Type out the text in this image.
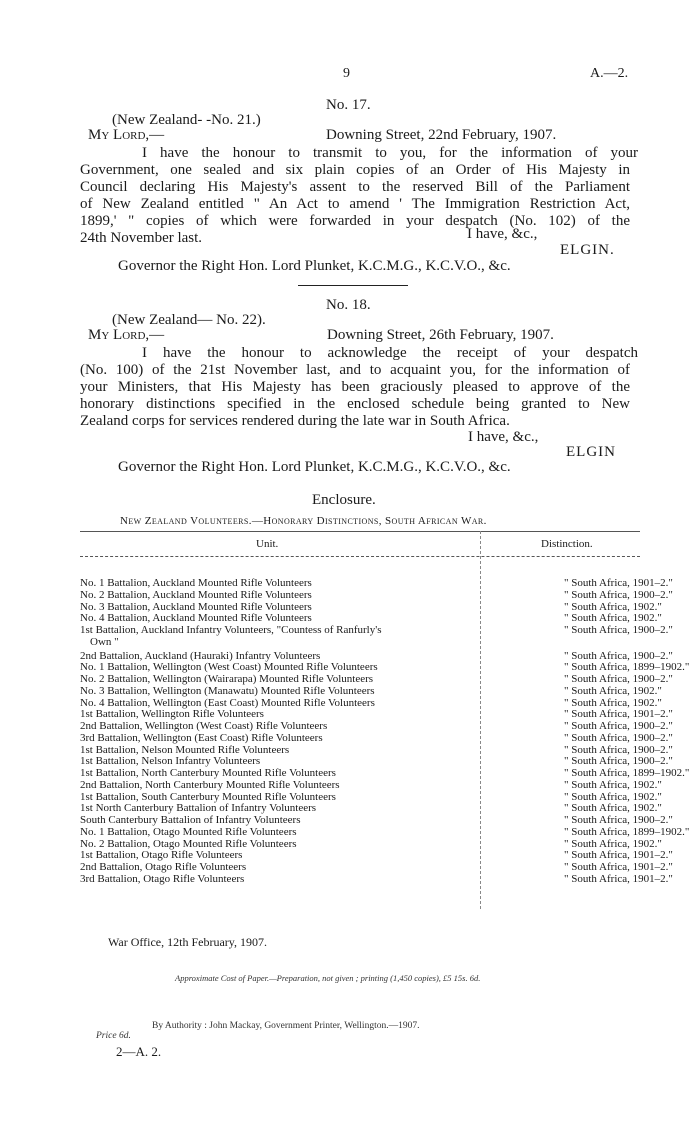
9	A.—2.
No. 17.
(New Zealand- -No. 21.)
My Lord,—	Downing Street, 22nd February, 1907.
I have the honour to transmit to you, for the information of your
Government, one sealed and six plain copies of an Order of His Majesty in
Council declaring His Majesty's assent to the reserved Bill of the Parliament
of New Zealand entitled " An Act to amend ' The Immigration Restriction Act,
1899,' " copies of which were forwarded in your despatch (No. 102) of the
24th November last.	I have, &c.,
ELGIN.
Governor the Right Hon. Lord Plunket, K.C.M.G., K.C.V.O., &c.
No. 18.
(New Zealand— No. 22).
My Lord,—	Downing Street, 26th February, 1907.
I have the honour to acknowledge the receipt of your despatch
(No. 100) of the 21st November last, and to acquaint you, for the information of
your Ministers, that His Majesty has been graciously pleased to approve of the
honorary distinctions specified in the enclosed schedule being granted to New
Zealand corps for services rendered during the late war in South Africa.
I have, &c.,
ELGIN
Governor the Right Hon. Lord Plunket, K.C.M.G., K.C.V.O., &c.
Enclosure.
New Zealand Volunteers.—Honorary Distinctions, South African War.
Unit.	Distinction.
No. 1 Battalion, Auckland Mounted Rifle Volunteers	" South Africa, 1901–2."
No. 2 Battalion, Auckland Mounted Rifle Volunteers	" South Africa, 1900–2."
No. 3 Battalion, Auckland Mounted Rifle Volunteers	" South Africa, 1902."
No. 4 Battalion, Auckland Mounted Rifle Volunteers	" South Africa, 1902."
1st Battalion, Auckland Infantry Volunteers, "Countess of Ranfurly's	" South Africa, 1900–2."
Own "
2nd Battalion, Auckland (Hauraki) Infantry Volunteers	" South Africa, 1900–2."
No. 1 Battalion, Wellington (West Coast) Mounted Rifle Volunteers	" South Africa, 1899–1902."
No. 2 Battalion, Wellington (Wairarapa) Mounted Rifle Volunteers	" South Africa, 1900–2."
No. 3 Battalion, Wellington (Manawatu) Mounted Rifle Volunteers	" South Africa, 1902."
No. 4 Battalion, Wellington (East Coast) Mounted Rifle Volunteers	" South Africa, 1902."
1st Battalion, Wellington Rifle Volunteers	" South Africa, 1901–2."
2nd Battalion, Wellington (West Coast) Rifle Volunteers	" South Africa, 1900–2."
3rd Battalion, Wellington (East Coast) Rifle Volunteers	" South Africa, 1900–2."
1st Battalion, Nelson Mounted Rifle Volunteers	" South Africa, 1900–2."
1st Battalion, Nelson Infantry Volunteers	" South Africa, 1900–2."
1st Battalion, North Canterbury Mounted Rifle Volunteers	" South Africa, 1899–1902."
2nd Battalion, North Canterbury Mounted Rifle Volunteers	" South Africa, 1902."
1st Battalion, South Canterbury Mounted Rifle Volunteers	" South Africa, 1902."
1st North Canterbury Battalion of Infantry Volunteers	" South Africa, 1902."
South Canterbury Battalion of Infantry Volunteers	" South Africa, 1900–2."
No. 1 Battalion, Otago Mounted Rifle Volunteers	" South Africa, 1899–1902."
No. 2 Battalion, Otago Mounted Rifle Volunteers	" South Africa, 1902."
1st Battalion, Otago Rifle Volunteers	" South Africa, 1901–2."
2nd Battalion, Otago Rifle Volunteers	" South Africa, 1901–2."
3rd Battalion, Otago Rifle Volunteers	" South Africa, 1901–2."
War Office, 12th February, 1907.
Approximate Cost of Paper.—Preparation, not given ; printing (1,450 copies), £5 15s. 6d.
By Authority : John Mackay, Government Printer, Wellington.—1907.
Price 6d.
2—A. 2.
